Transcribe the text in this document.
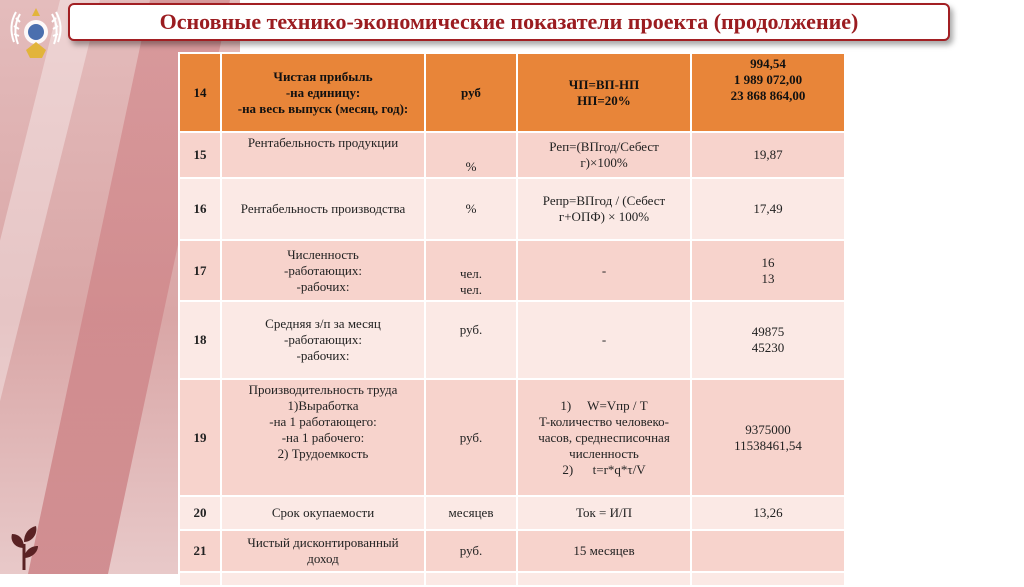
Основные технико-экономические показатели проекта (продолжение)
14	Чистая прибыль
-на единицу:
-на весь выпуск (месяц, год):	руб	ЧП=ВП-НП
НП=20%	994,54
1 989 072,00
23 868 864,00

15	Рентабельность продукции	%	Рeп=(ВПгод/Себест
г)×100%	19,87
16	Рентабельность производства	%	Репр=ВПгод / (Себест
г+ОПФ) × 100%	17,49
17	Численность
-работающих:
-рабочих:	чел.
чел.	-	16
13

18	Средняя з/п за месяц
-работающих:
-рабочих:	руб.	-	49875
45230

19	Производительность труда
1)Выработка
-на 1 работающего:
-на 1 рабочего:
2) Трудоемкость	руб.	1)     W=Vпр / T
T-количество человеко-
часов, среднесписочная
численность
2)      t=r*q*τ/V	9375000
11538461,54

20	Срок окупаемости	месяцев	Ток = И/П	13,26
21	Чистый дисконтированный
доход	руб.	15 месяцев	
